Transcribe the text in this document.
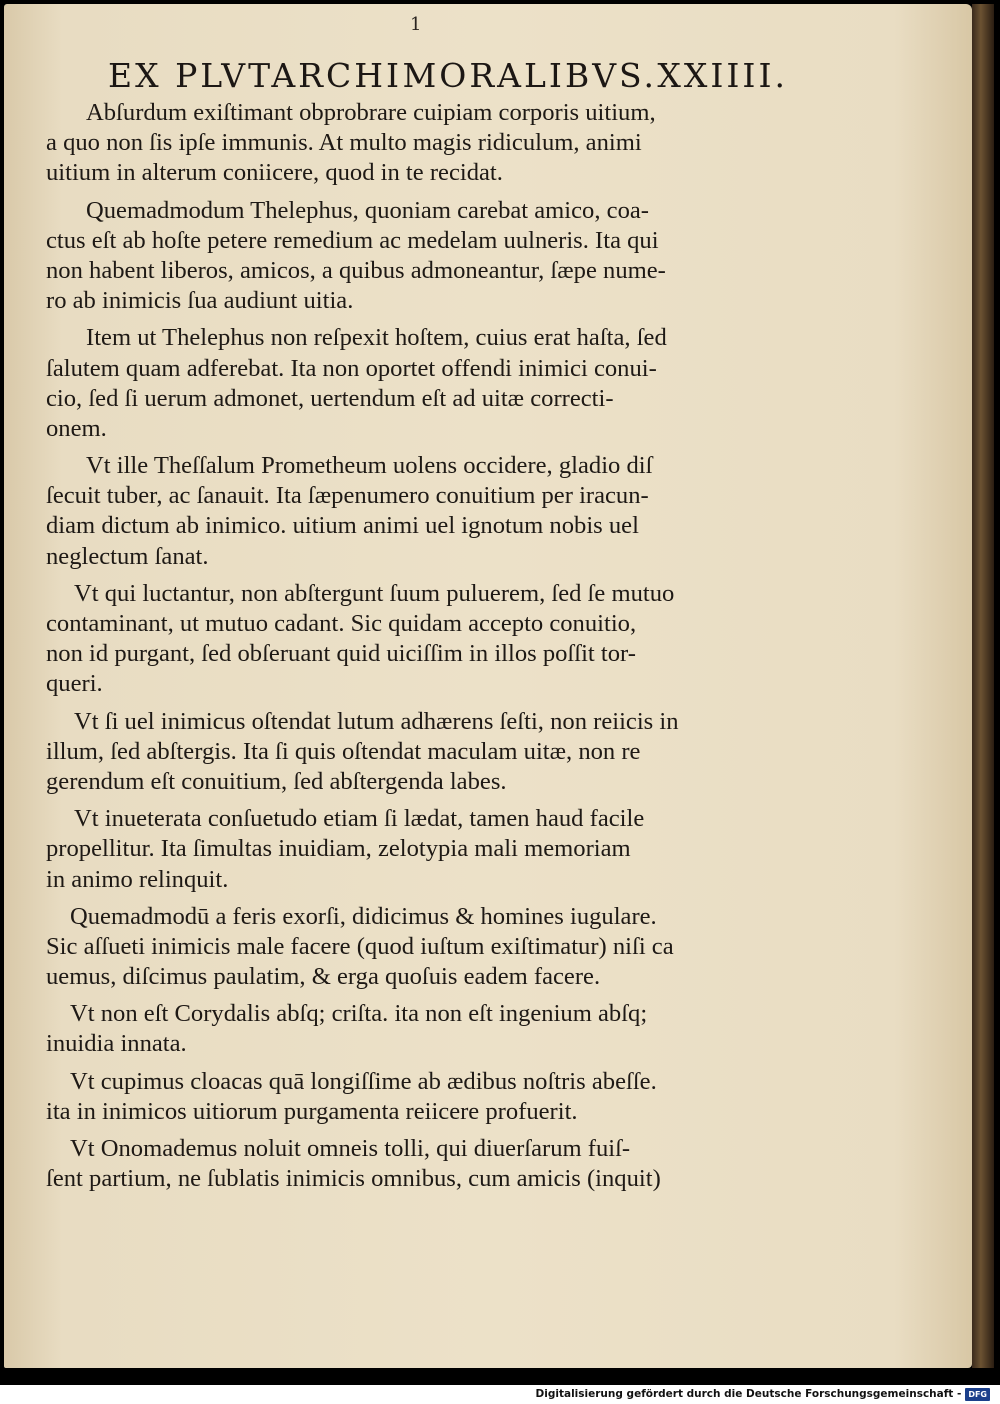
1
EX PLVTARCHI MORALIBVS. XXIIII.
Abſurdum exiſtimant obprobrare cuipiam corporis uitium,
a quo non ſis ipſe immunis. At multo magis ridiculum, animi
uitium in alterum coniicere, quod in te recidat.
Quemadmodum Thelephus, quoniam carebat amico, coa-
ctus eſt ab hoſte petere remedium ac medelam uulneris. Ita qui
non habent liberos, amicos, a quibus admoneantur, ſæpe nume-
ro ab inimicis ſua audiunt uitia.
Item ut Thelephus non reſpexit hoſtem, cuius erat haſta, ſed
ſalutem quam adferebat. Ita non oportet offendi inimici conui-
cio, ſed ſi uerum admonet, uertendum eſt ad uitæ correcti-
onem.
Vt ille Theſſalum Prometheum uolens occidere, gladio diſ
ſecuit tuber, ac ſanauit. Ita ſæpenumero conuitium per iracun-
diam dictum ab inimico. uitium animi uel ignotum nobis uel
neglectum ſanat.
Vt qui luctantur, non abſtergunt ſuum puluerem, ſed ſe mutuo
contaminant, ut mutuo cadant. Sic quidam accepto conuitio,
non id purgant, ſed obſeruant quid uiciſſim in illos poſſit tor-
queri.
Vt ſi uel inimicus oſtendat lutum adhærens ſeſti, non reiicis in
illum, ſed abſtergis. Ita ſi quis oſtendat maculam uitæ, non re
gerendum eſt conuitium, ſed abſtergenda labes.
Vt inueterata conſuetudo etiam ſi lædat, tamen haud facile
propellitur. Ita ſimultas inuidiam, zelotypia mali memoriam
in animo relinquit.
Quemadmodū a feris exorſi, didicimus & homines iugulare.
Sic aſſueti inimicis male facere (quod iuſtum exiſtimatur) niſi ca
uemus, diſcimus paulatim, & erga quoſuis eadem facere.
Vt non eſt Corydalis abſq; criſta. ita non eſt ingenium abſq;
inuidia innata.
Vt cupimus cloacas quā longiſſime ab ædibus noſtris abeſſe.
ita in inimicos uitiorum purgamenta reiicere profuerit.
Vt Onomademus noluit omneis tolli, qui diuerſarum fuiſ-
ſent partium, ne ſublatis inimicis omnibus, cum amicis (inquit)
Digitalisierung gefördert durch die Deutsche Forschungsgemeinschaft - DFG
